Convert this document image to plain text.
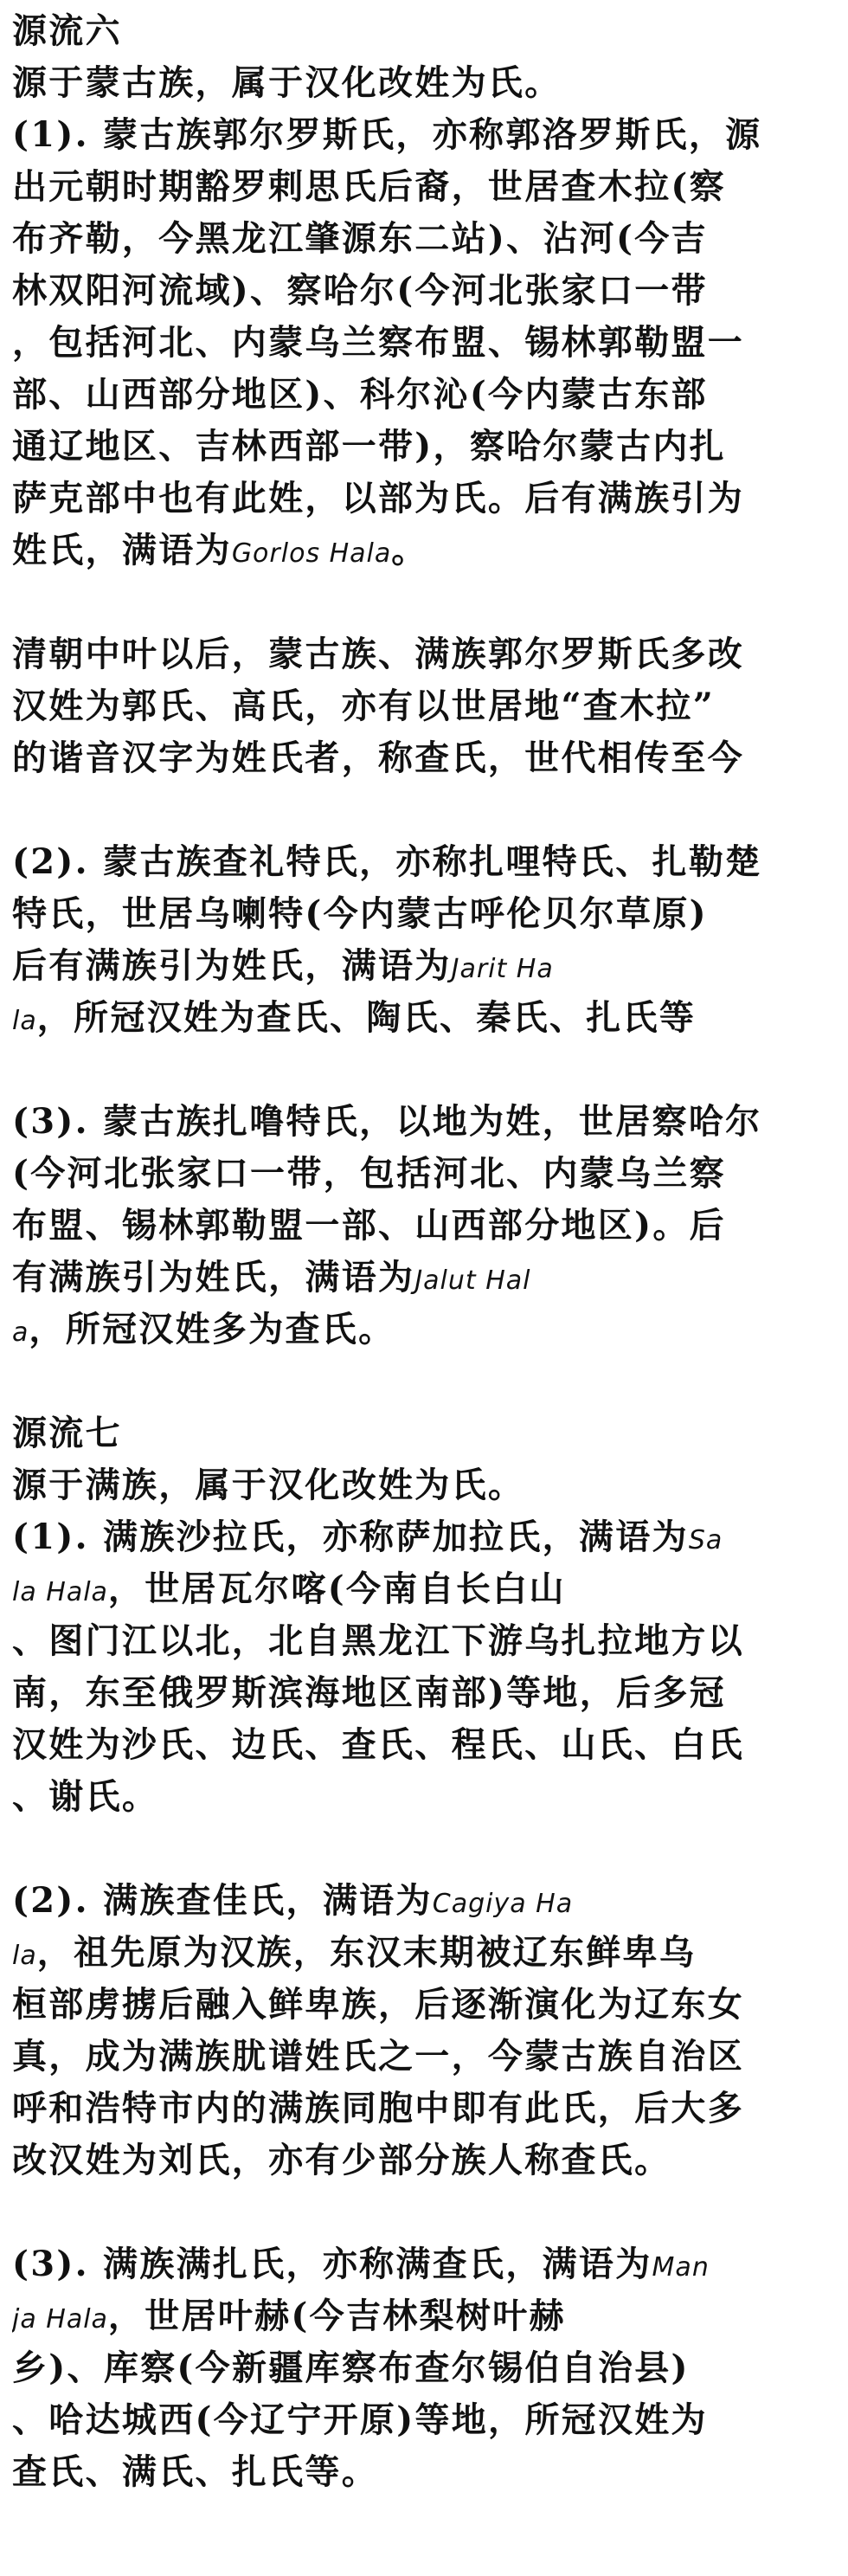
源流六
源于蒙古族，属于汉化改姓为氏。
(1). 蒙古族郭尔罗斯氏，亦称郭洛罗斯氏，源
出元朝时期豁罗剌思氏后裔，世居查木拉(察
布齐勒，今黑龙江肇源东二站)、沾河(今吉
林双阳河流域)、察哈尔(今河北张家口一带
，包括河北、内蒙乌兰察布盟、锡林郭勒盟一
部、山西部分地区)、科尔沁(今内蒙古东部
通辽地区、吉林西部一带)，察哈尔蒙古内扎
萨克部中也有此姓，以部为氏。后有满族引为
姓氏，满语为Gorlos Hala。
清朝中叶以后，蒙古族、满族郭尔罗斯氏多改
汉姓为郭氏、高氏，亦有以世居地“查木拉”
的谐音汉字为姓氏者，称查氏，世代相传至今
(2). 蒙古族查礼特氏，亦称扎哩特氏、扎勒楚
特氏，世居乌喇特(今内蒙古呼伦贝尔草原)
后有满族引为姓氏，满语为Jarit Ha
la，所冠汉姓为查氏、陶氏、秦氏、扎氏等
(3). 蒙古族扎噜特氏，以地为姓，世居察哈尔
(今河北张家口一带，包括河北、内蒙乌兰察
布盟、锡林郭勒盟一部、山西部分地区)。后
有满族引为姓氏，满语为Jalut Hal
a，所冠汉姓多为查氏。
源流七
源于满族，属于汉化改姓为氏。
(1). 满族沙拉氏，亦称萨加拉氏，满语为Sa
la Hala，世居瓦尔喀(今南自长白山
、图门江以北，北自黑龙江下游乌扎拉地方以
南，东至俄罗斯滨海地区南部)等地，后多冠
汉姓为沙氏、边氏、查氏、程氏、山氏、白氏
、谢氏。
(2). 满族查佳氏，满语为Cagiya Ha
la，祖先原为汉族，东汉末期被辽东鲜卑乌
桓部虏掳后融入鲜卑族，后逐渐演化为辽东女
真，成为满族肬谱姓氏之一，今蒙古族自治区
呼和浩特市内的满族同胞中即有此氏，后大多
改汉姓为刘氏，亦有少部分族人称查氏。
(3). 满族满扎氏，亦称满查氏，满语为Man
ja Hala，世居叶赫(今吉林梨树叶赫
乡)、库察(今新疆库察布查尔锡伯自治县)
、哈达城西(今辽宁开原)等地，所冠汉姓为
查氏、满氏、扎氏等。
